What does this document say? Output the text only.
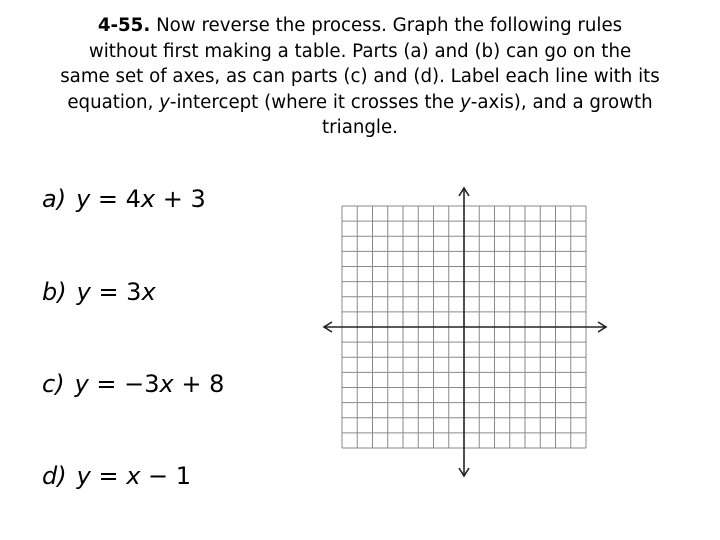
4-55. Now reverse the process. Graph the following rules
without first making a table. Parts (a) and (b) can go on the
same set of axes, as can parts (c) and (d). Label each line with its
equation, y-intercept (where it crosses the y-axis), and a growth
triangle.
a) y = 4x + 3
b) y = 3x
c) y = −3x + 8
d) y = x − 1
